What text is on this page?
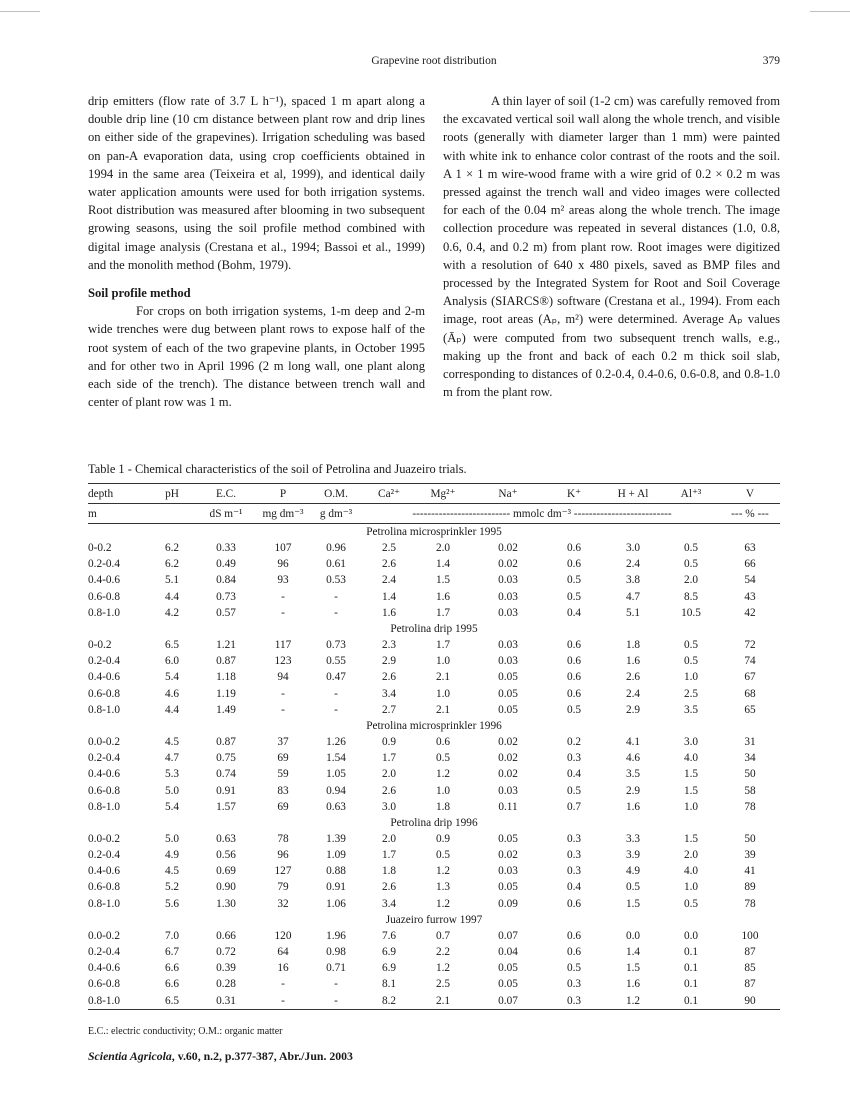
Grapevine root distribution	379

drip emitters (flow rate of 3.7 L h⁻¹), spaced 1 m apart along a double drip line (10 cm distance between plant row and drip lines on either side of the grapevines). Irrigation scheduling was based on pan-A evaporation data, using crop coefficients obtained in 1994 in the same area (Teixeira et al, 1999), and identical daily water application amounts were used for both irrigation systems. Root distribution was measured after blooming in two subsequent growing seasons, using the soil profile method combined with digital image analysis (Crestana et al., 1994; Bassoi et al., 1999) and the monolith method (Bohm, 1979).

Soil profile method

For crops on both irrigation systems, 1-m deep and 2-m wide trenches were dug between plant rows to expose half of the root system of each of the two grapevine plants, in October 1995 and for other two in April 1996 (2 m long wall, one plant along each side of the trench). The distance between trench wall and center of plant row was 1 m.

A thin layer of soil (1-2 cm) was carefully removed from the excavated vertical soil wall along the whole trench, and visible roots (generally with diameter larger than 1 mm) were painted with white ink to enhance color contrast of the roots and the soil. A 1 × 1 m wire-wood frame with a wire grid of 0.2 × 0.2 m was pressed against the trench wall and video images were collected for each of the 0.04 m² areas along the whole trench. The image collection procedure was repeated in several distances (1.0, 0.8, 0.6, 0.4, and 0.2 m) from plant row. Root images were digitized with a resolution of 640 x 480 pixels, saved as BMP files and processed by the Integrated System for Root and Soil Coverage Analysis (SIARCS®) software (Crestana et al., 1994). From each image, root areas (Aₚ, m²) were determined. Average Aₚ values (Āₚ) were computed from two subsequent trench walls, e.g., making up the front and back of each 0.2 m thick soil slab, corresponding to distances of 0.2-0.4, 0.4-0.6, 0.6-0.8, and 0.8-1.0 m from the plant row.

Table 1 - Chemical characteristics of the soil of Petrolina and Juazeiro trials.
depth	pH	E.C.	P	O.M.	Ca²⁺	Mg²⁺	Na⁺	K⁺	H + Al	Al⁺³	V
m		dS m⁻¹	mg dm⁻³	g dm⁻³	-------------------------- mmolc dm⁻³ --------------------------						--- % ---
Petrolina microsprinkler 1995											
0-0.2	6.2	0.33	107	0.96	2.5	2.0	0.02	0.6	3.0	0.5	63
0.2-0.4	6.2	0.49	96	0.61	2.6	1.4	0.02	0.6	2.4	0.5	66
0.4-0.6	5.1	0.84	93	0.53	2.4	1.5	0.03	0.5	3.8	2.0	54
0.6-0.8	4.4	0.73	-	-	1.4	1.6	0.03	0.5	4.7	8.5	43
0.8-1.0	4.2	0.57	-	-	1.6	1.7	0.03	0.4	5.1	10.5	42
Petrolina drip 1995											
0-0.2	6.5	1.21	117	0.73	2.3	1.7	0.03	0.6	1.8	0.5	72
0.2-0.4	6.0	0.87	123	0.55	2.9	1.0	0.03	0.6	1.6	0.5	74
0.4-0.6	5.4	1.18	94	0.47	2.6	2.1	0.05	0.6	2.6	1.0	67
0.6-0.8	4.6	1.19	-	-	3.4	1.0	0.05	0.6	2.4	2.5	68
0.8-1.0	4.4	1.49	-	-	2.7	2.1	0.05	0.5	2.9	3.5	65
Petrolina microsprinkler 1996											
0.0-0.2	4.5	0.87	37	1.26	0.9	0.6	0.02	0.2	4.1	3.0	31
0.2-0.4	4.7	0.75	69	1.54	1.7	0.5	0.02	0.3	4.6	4.0	34
0.4-0.6	5.3	0.74	59	1.05	2.0	1.2	0.02	0.4	3.5	1.5	50
0.6-0.8	5.0	0.91	83	0.94	2.6	1.0	0.03	0.5	2.9	1.5	58
0.8-1.0	5.4	1.57	69	0.63	3.0	1.8	0.11	0.7	1.6	1.0	78
Petrolina drip 1996											
0.0-0.2	5.0	0.63	78	1.39	2.0	0.9	0.05	0.3	3.3	1.5	50
0.2-0.4	4.9	0.56	96	1.09	1.7	0.5	0.02	0.3	3.9	2.0	39
0.4-0.6	4.5	0.69	127	0.88	1.8	1.2	0.03	0.3	4.9	4.0	41
0.6-0.8	5.2	0.90	79	0.91	2.6	1.3	0.05	0.4	0.5	1.0	89
0.8-1.0	5.6	1.30	32	1.06	3.4	1.2	0.09	0.6	1.5	0.5	78
Juazeiro furrow 1997											
0.0-0.2	7.0	0.66	120	1.96	7.6	0.7	0.07	0.6	0.0	0.0	100
0.2-0.4	6.7	0.72	64	0.98	6.9	2.2	0.04	0.6	1.4	0.1	87
0.4-0.6	6.6	0.39	16	0.71	6.9	1.2	0.05	0.5	1.5	0.1	85
0.6-0.8	6.6	0.28	-	-	8.1	2.5	0.05	0.3	1.6	0.1	87
0.8-1.0	6.5	0.31	-	-	8.2	2.1	0.07	0.3	1.2	0.1	90
E.C.: electric conductivity; O.M.: organic matter
Scientia Agricola, v.60, n.2, p.377-387, Abr./Jun. 2003
